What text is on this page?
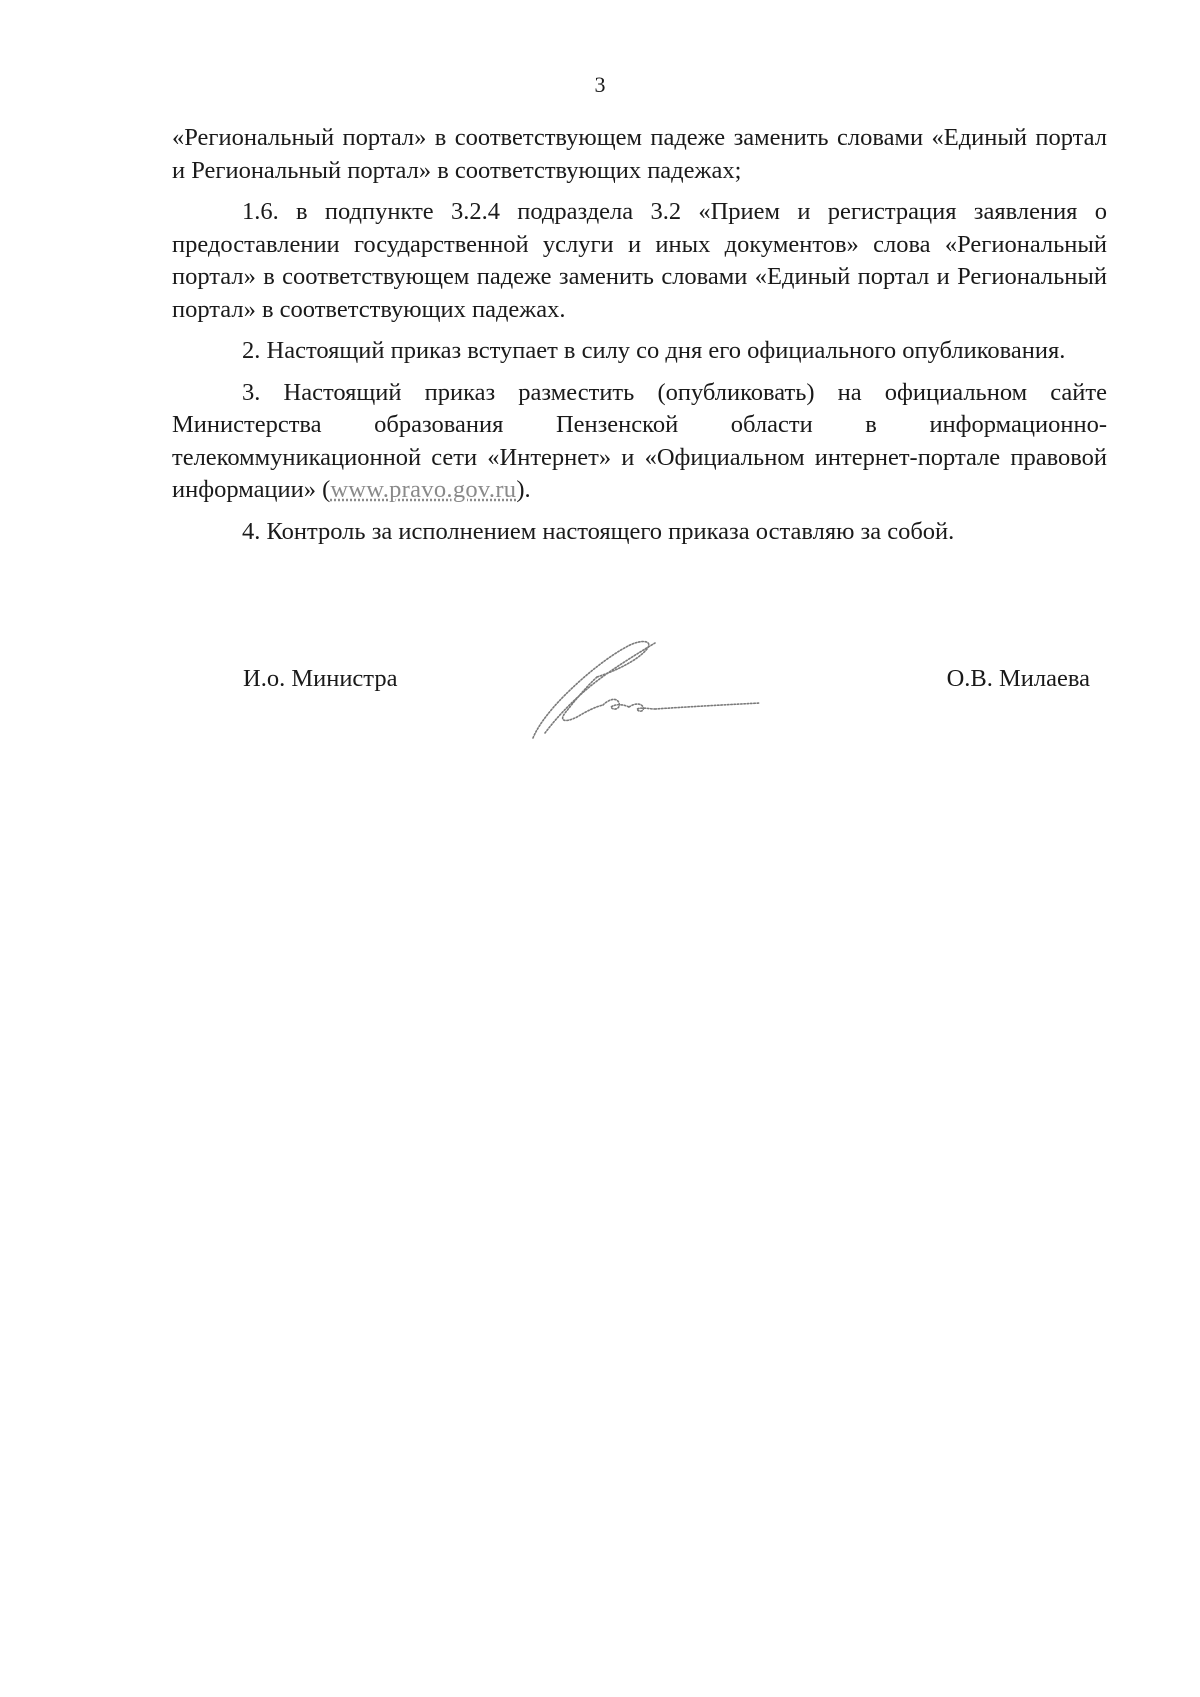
3

«Региональный портал» в соответствующем падеже заменить словами «Единый портал и Региональный портал» в соответствующих падежах;

1.6. в подпункте 3.2.4 подраздела 3.2 «Прием и регистрация заявления о предоставлении государственной услуги и иных документов» слова «Региональный портал» в соответствующем падеже заменить словами «Единый портал и Региональный портал» в соответствующих падежах.

2. Настоящий приказ вступает в силу со дня его официального опубликования.

3. Настоящий приказ разместить (опубликовать) на официальном сайте Министерства образования Пензенской области в информационно-телекоммуникационной сети «Интернет» и «Официальном интернет-портале правовой информации» (www.pravo.gov.ru).

4. Контроль за исполнением настоящего приказа оставляю за собой.

И.о. Министра	О.В. Милаева
